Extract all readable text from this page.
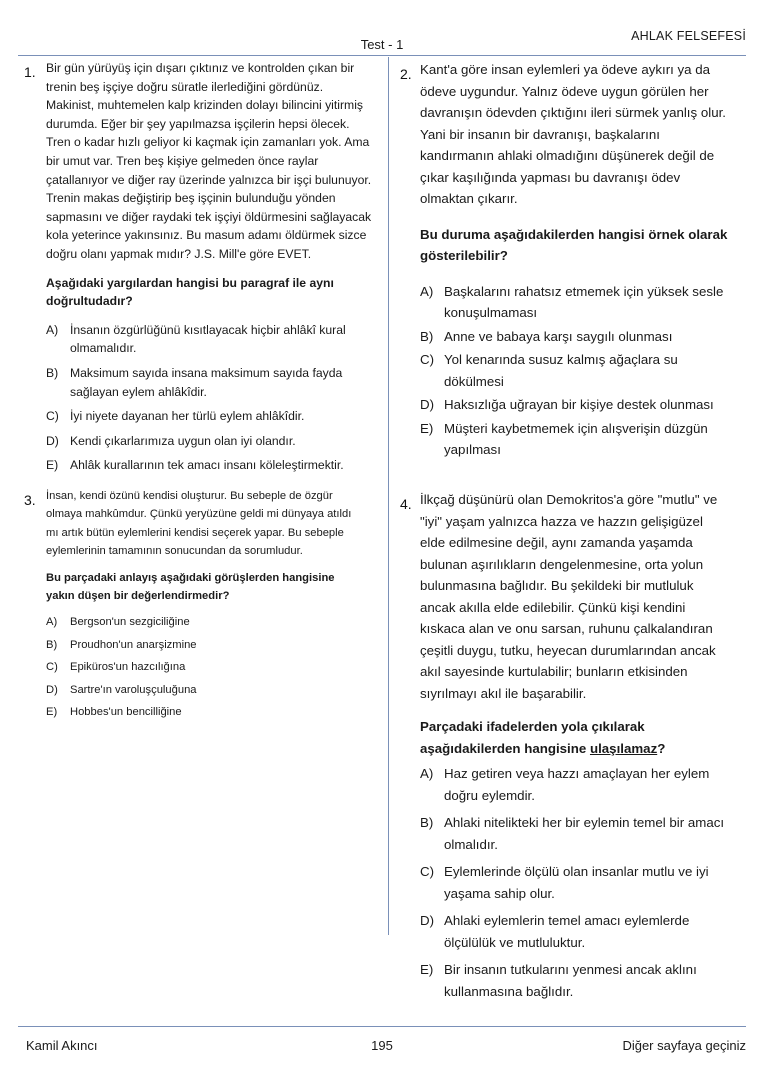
AHLAK FELSEFESİ
Test - 1
1. Bir gün yürüyüş için dışarı çıktınız ve kontrolden çıkan bir trenin beş işçiye doğru süratle ilerlediğini gördünüz. Makinist, muhtemelen kalp krizinden dolayı bilincini yitirmiş durumda. Eğer bir şey yapılmazsa işçilerin hepsi ölecek. Tren o kadar hızlı geliyor ki kaçmak için zamanları yok. Ama bir umut var. Tren beş kişiye gelmeden önce raylar çatallanıyor ve diğer ray üzerinde yalnızca bir işçi bulunuyor. Trenin makas değiştirip beş işçinin bulunduğu yönden sapmasını ve diğer raydaki tek işçiyi öldürmesini sağlayacak kola yeterince yakınsınız. Bu masum adamı öldürmek sizce doğru olanı yapmak mıdır? J.S. Mill'e göre EVET.
Aşağıdaki yargılardan hangisi bu paragraf ile aynı doğrultudadır?
A) İnsanın özgürlüğünü kısıtlayacak hiçbir ahlâkî kural olmamalıdır.
B) Maksimum sayıda insana maksimum sayıda fayda sağlayan eylem ahlâkîdir.
C) İyi niyete dayanan her türlü eylem ahlâkîdir.
D) Kendi çıkarlarımıza uygun olan iyi olandır.
E) Ahlâk kurallarının tek amacı insanı köleleştirmektir.
2. Kant'a göre insan eylemleri ya ödeve aykırı ya da ödeve uygundur. Yalnız ödeve uygun görülen her davranışın ödevden çıktığını ileri sürmek yanlış olur. Yani bir insanın bir davranışı, başkalarını kandırmanın ahlaki olmadığını düşünerek değil de çıkar kaşılığında yapması bu davranışı ödev olmaktan çıkarır.
Bu duruma aşağıdakilerden hangisi örnek olarak gösterilebilir?
A) Başkalarını rahatsız etmemek için yüksek sesle konuşulmaması
B) Anne ve babaya karşı saygılı olunması
C) Yol kenarında susuz kalmış ağaçlara su dökülmesi
D) Haksızlığa uğrayan bir kişiye destek olunması
E) Müşteri kaybetmemek için alışverişin düzgün yapılması
3. İnsan, kendi özünü kendisi oluşturur. Bu sebeple de özgür olmaya mahkûmdur. Çünkü yeryüzüne geldi mi dünyaya atıldı mı artık bütün eylemlerini kendisi seçerek yapar. Bu sebeple eylemlerinin tamamının sonucundan da sorumludur.
Bu parçadaki anlayış aşağıdaki görüşlerden hangisine yakın düşen bir değerlendirmedir?
A) Bergson'un sezgiciliğine
B) Proudhon'un anarşizmine
C) Epiküros'un hazcılığına
D) Sartre'ın varoluşçuluğuna
E) Hobbes'un bencilliğine
4. İlkçağ düşünürü olan Demokritos'a göre "mutlu" ve "iyi" yaşam yalnızca hazza ve hazzın gelişigüzel elde edilmesine değil, aynı zamanda yaşamda bulunan aşırılıkların dengelenmesine, orta yolun bulunmasına bağlıdır. Bu şekildeki bir mutluluk ancak akılla elde edilebilir. Çünkü kişi kendini kıskaca alan ve onu sarsan, ruhunu çalkalandıran çeşitli duygu, tutku, heyecan durumlarından ancak akıl sayesinde kurtulabilir; bunların etkisinden sıyrılmayı akıl ile başarabilir.
Parçadaki ifadelerden yola çıkılarak aşağıdakilerden hangisine ulaşılamaz?
A) Haz getiren veya hazzı amaçlayan her eylem doğru eylemdir.
B) Ahlaki nitelikteki her bir eylemin temel bir amacı olmalıdır.
C) Eylemlerinde ölçülü olan insanlar mutlu ve iyi yaşama sahip olur.
D) Ahlaki eylemlerin temel amacı eylemlerde ölçülülük ve mutluluktur.
E) Bir insanın tutkularını yenmesi ancak aklını kullanmasına bağlıdır.
Kamil Akıncı	195	Diğer sayfaya geçiniz
